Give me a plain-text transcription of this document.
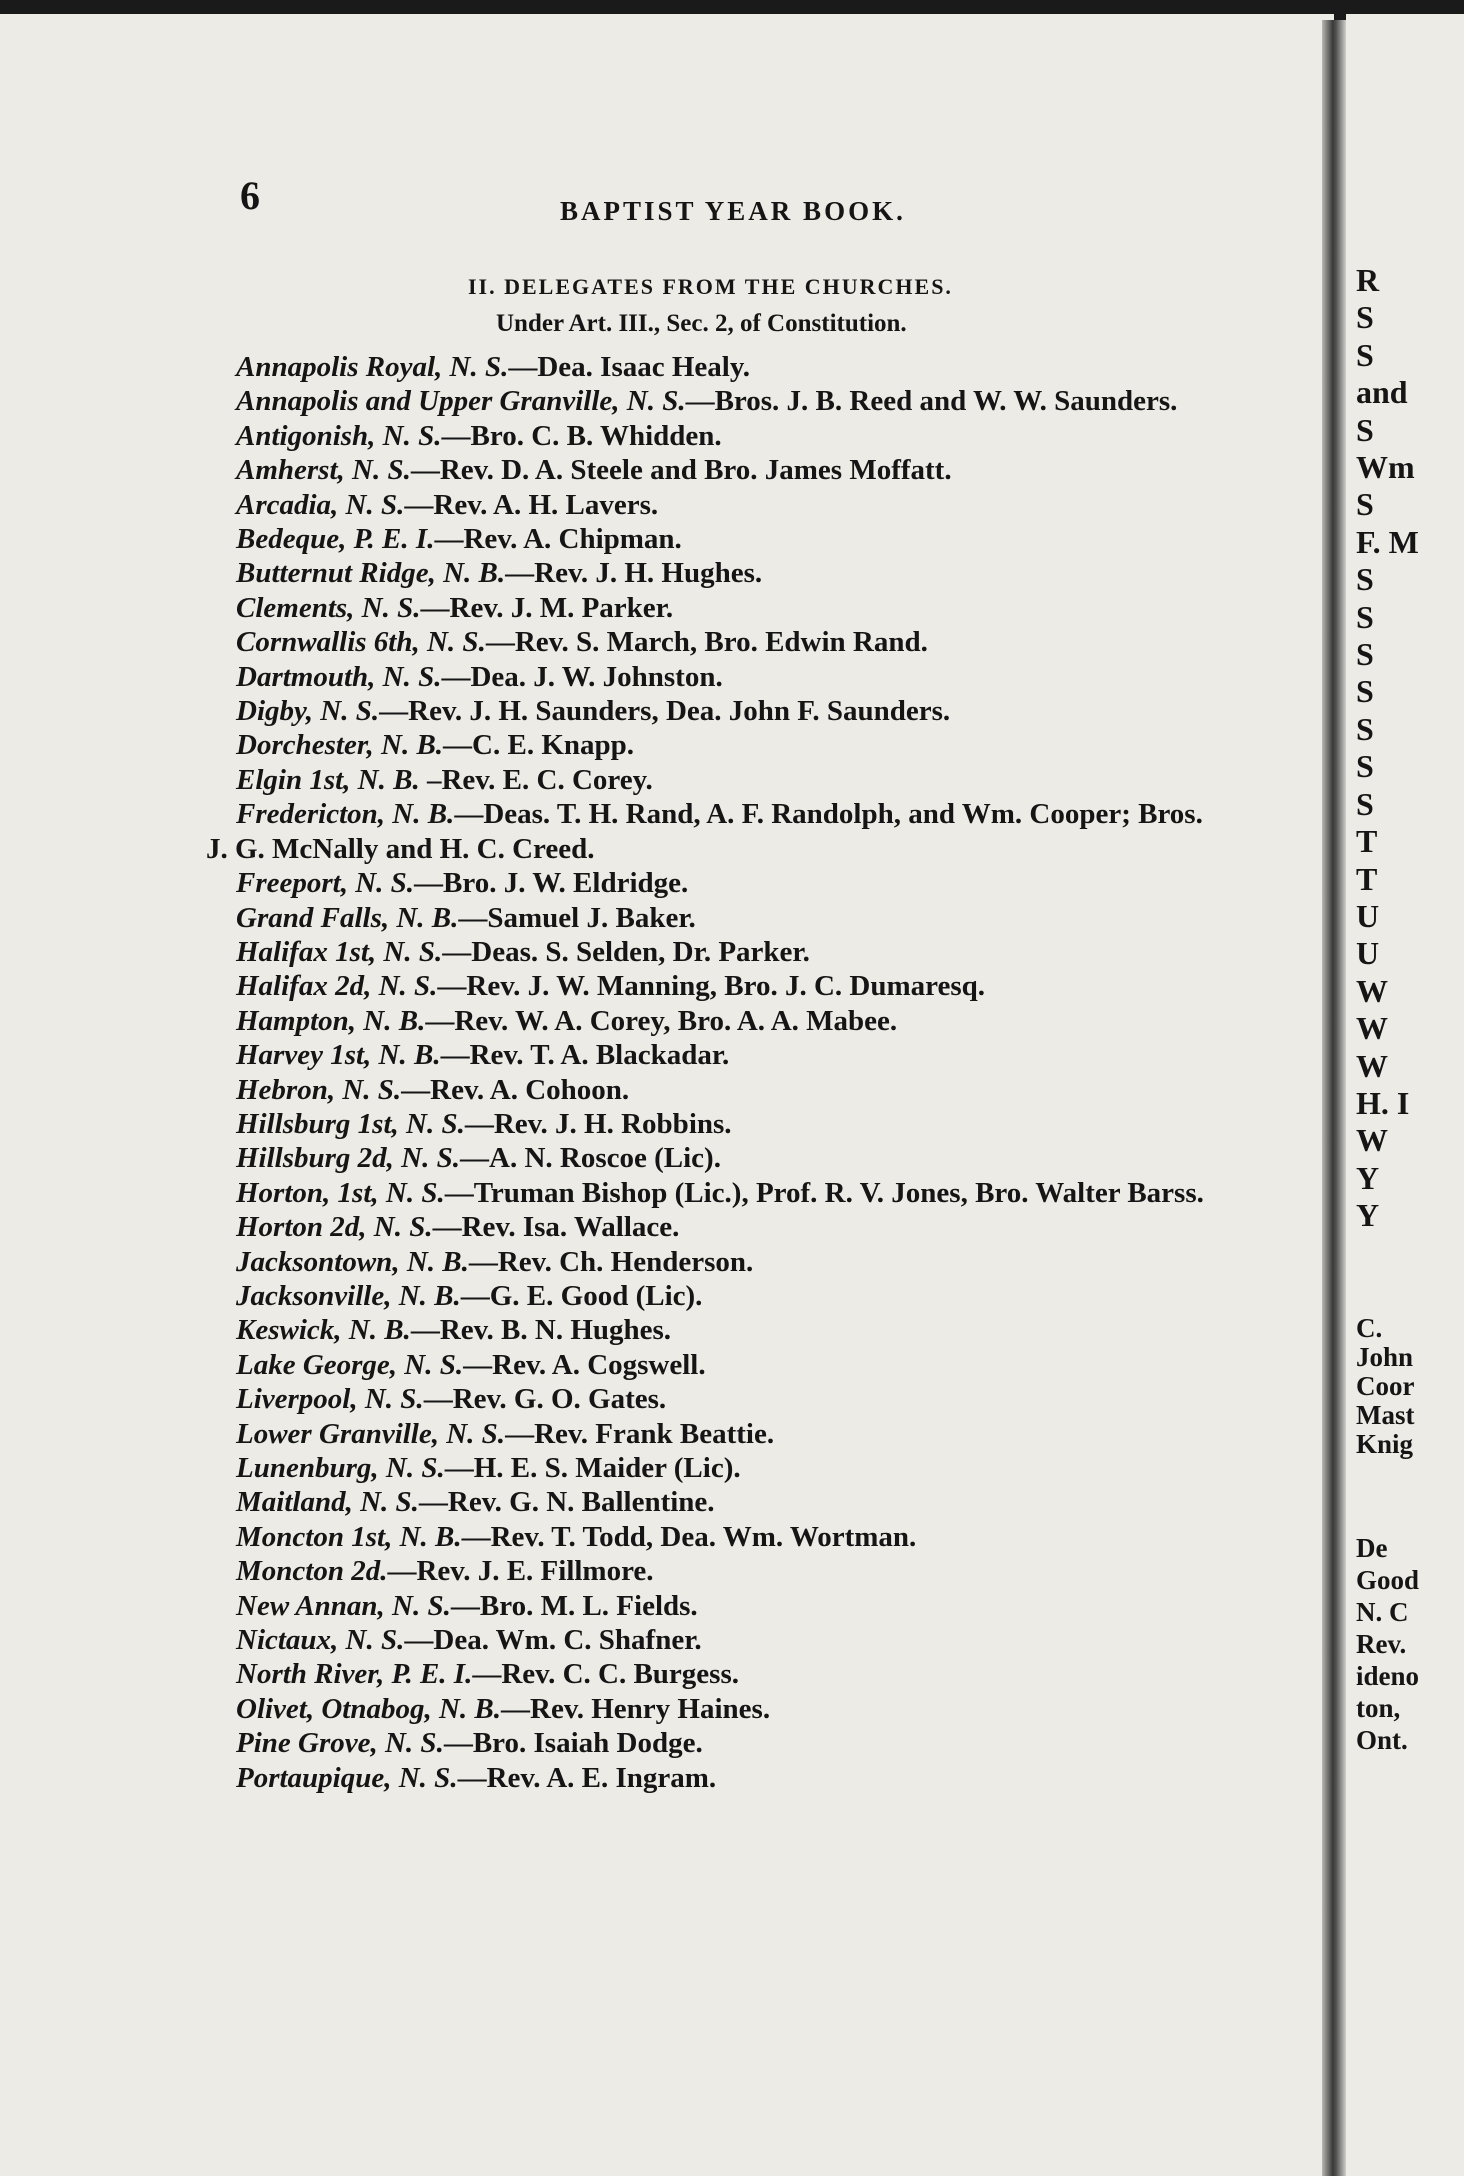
6	BAPTIST YEAR BOOK.
II. DELEGATES FROM THE CHURCHES.
Under Art. III., Sec. 2, of Constitution.
Annapolis Royal, N. S.—Dea. Isaac Healy.
Annapolis and Upper Granville, N. S.—Bros. J. B. Reed and W. W. Saunders.
Antigonish, N. S.—Bro. C. B. Whidden.
Amherst, N. S.—Rev. D. A. Steele and Bro. James Moffatt.
Arcadia, N. S.—Rev. A. H. Lavers.
Bedeque, P. E. I.—Rev. A. Chipman.
Butternut Ridge, N. B.—Rev. J. H. Hughes.
Clements, N. S.—Rev. J. M. Parker.
Cornwallis 6th, N. S.—Rev. S. March, Bro. Edwin Rand.
Dartmouth, N. S.—Dea. J. W. Johnston.
Digby, N. S.—Rev. J. H. Saunders, Dea. John F. Saunders.
Dorchester, N. B.—C. E. Knapp.
Elgin 1st, N. B. –Rev. E. C. Corey.
Fredericton, N. B.—Deas. T. H. Rand, A. F. Randolph, and Wm. Cooper; Bros. J. G. McNally and H. C. Creed.
Freeport, N. S.—Bro. J. W. Eldridge.
Grand Falls, N. B.—Samuel J. Baker.
Halifax 1st, N. S.—Deas. S. Selden, Dr. Parker.
Halifax 2d, N. S.—Rev. J. W. Manning, Bro. J. C. Dumaresq.
Hampton, N. B.—Rev. W. A. Corey, Bro. A. A. Mabee.
Harvey 1st, N. B.—Rev. T. A. Blackadar.
Hebron, N. S.—Rev. A. Cohoon.
Hillsburg 1st, N. S.—Rev. J. H. Robbins.
Hillsburg 2d, N. S.—A. N. Roscoe (Lic).
Horton, 1st, N. S.—Truman Bishop (Lic.), Prof. R. V. Jones, Bro. Walter Barss.
Horton 2d, N. S.—Rev. Isa. Wallace.
Jacksontown, N. B.—Rev. Ch. Henderson.
Jacksonville, N. B.—G. E. Good (Lic).
Keswick, N. B.—Rev. B. N. Hughes.
Lake George, N. S.—Rev. A. Cogswell.
Liverpool, N. S.—Rev. G. O. Gates.
Lower Granville, N. S.—Rev. Frank Beattie.
Lunenburg, N. S.—H. E. S. Maider (Lic).
Maitland, N. S.—Rev. G. N. Ballentine.
Moncton 1st, N. B.—Rev. T. Todd, Dea. Wm. Wortman.
Moncton 2d.—Rev. J. E. Fillmore.
New Annan, N. S.—Bro. M. L. Fields.
Nictaux, N. S.—Dea. Wm. C. Shafner.
North River, P. E. I.—Rev. C. C. Burgess.
Olivet, Otnabog, N. B.—Rev. Henry Haines.
Pine Grove, N. S.—Bro. Isaiah Dodge.
Portaupique, N. S.—Rev. A. E. Ingram.
R
S
S
and
S
Wm
S
F. M
S
S
S
S
S
S
S
T
T
U
U
W
W
W
H. I
W
Y
Y
C.
John
Coor
Mast
Knig
De
Good
N. C
Rev.
ideno
ton,
Ont.
